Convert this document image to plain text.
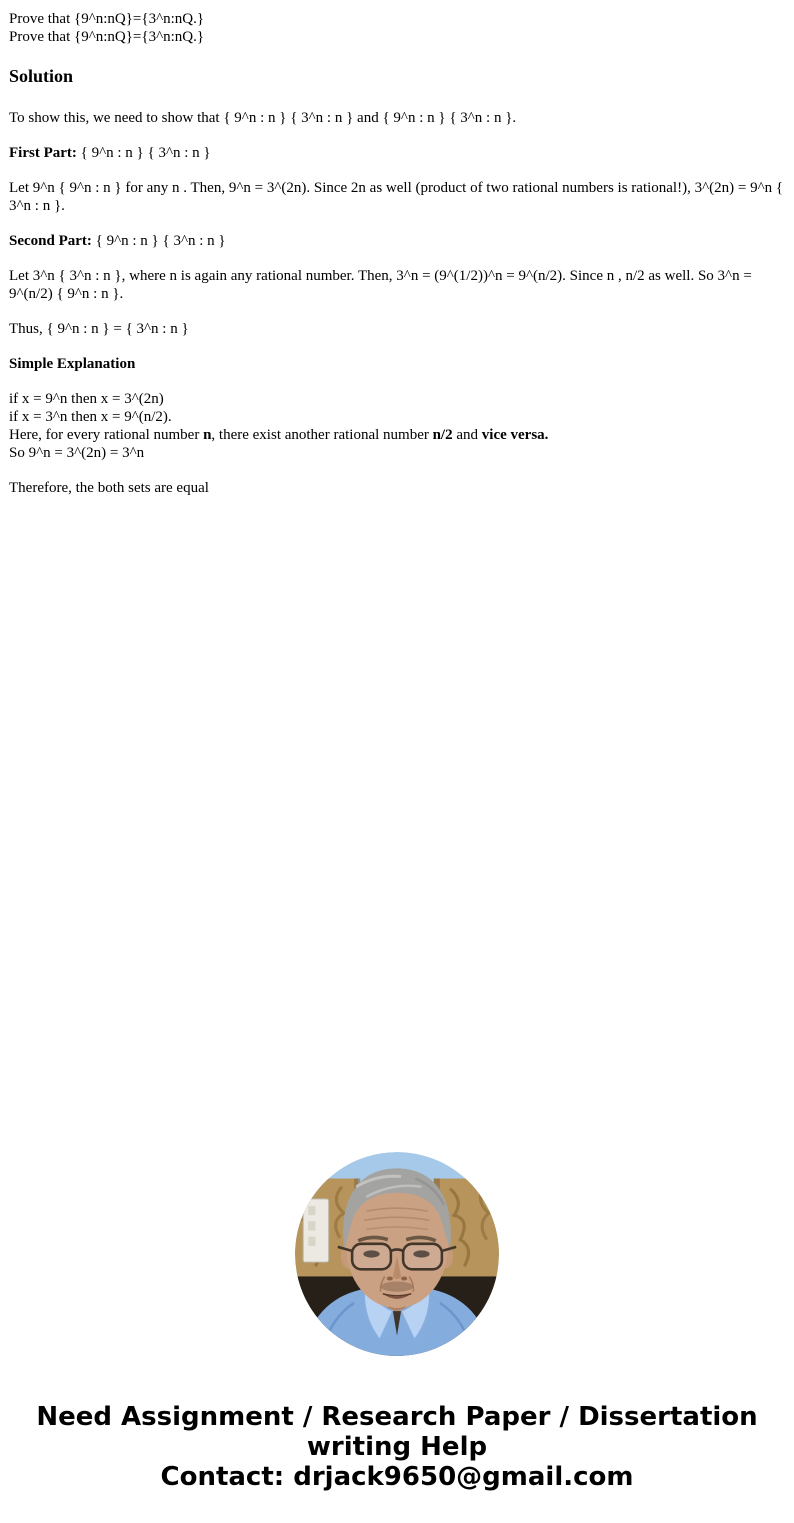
Prove that {9^n:nQ}={3^n:nQ.}
Prove that {9^n:nQ}={3^n:nQ.}

Solution

To show this, we need to show that { 9^n : n } { 3^n : n } and { 9^n : n } { 3^n : n }.

First Part: { 9^n : n } { 3^n : n }

Let 9^n { 9^n : n } for any n . Then, 9^n = 3^(2n). Since 2n as well (product of two rational numbers is rational!), 3^(2n) = 9^n { 3^n : n }.

Second Part: { 9^n : n } { 3^n : n }

Let 3^n { 3^n : n }, where n is again any rational number. Then, 3^n = (9^(1/2))^n = 9^(n/2). Since n , n/2 as well. So 3^n = 9^(n/2) { 9^n : n }.

Thus, { 9^n : n } = { 3^n : n }

Simple Explanation

if x = 9^n then x = 3^(2n)
if x = 3^n then x = 9^(n/2).
Here, for every rational number n, there exist another rational number n/2 and vice versa.
So 9^n = 3^(2n) = 3^n

Therefore, the both sets are equal

Need Assignment / Research Paper / Dissertation
writing Help
Contact: drjack9650@gmail.com
